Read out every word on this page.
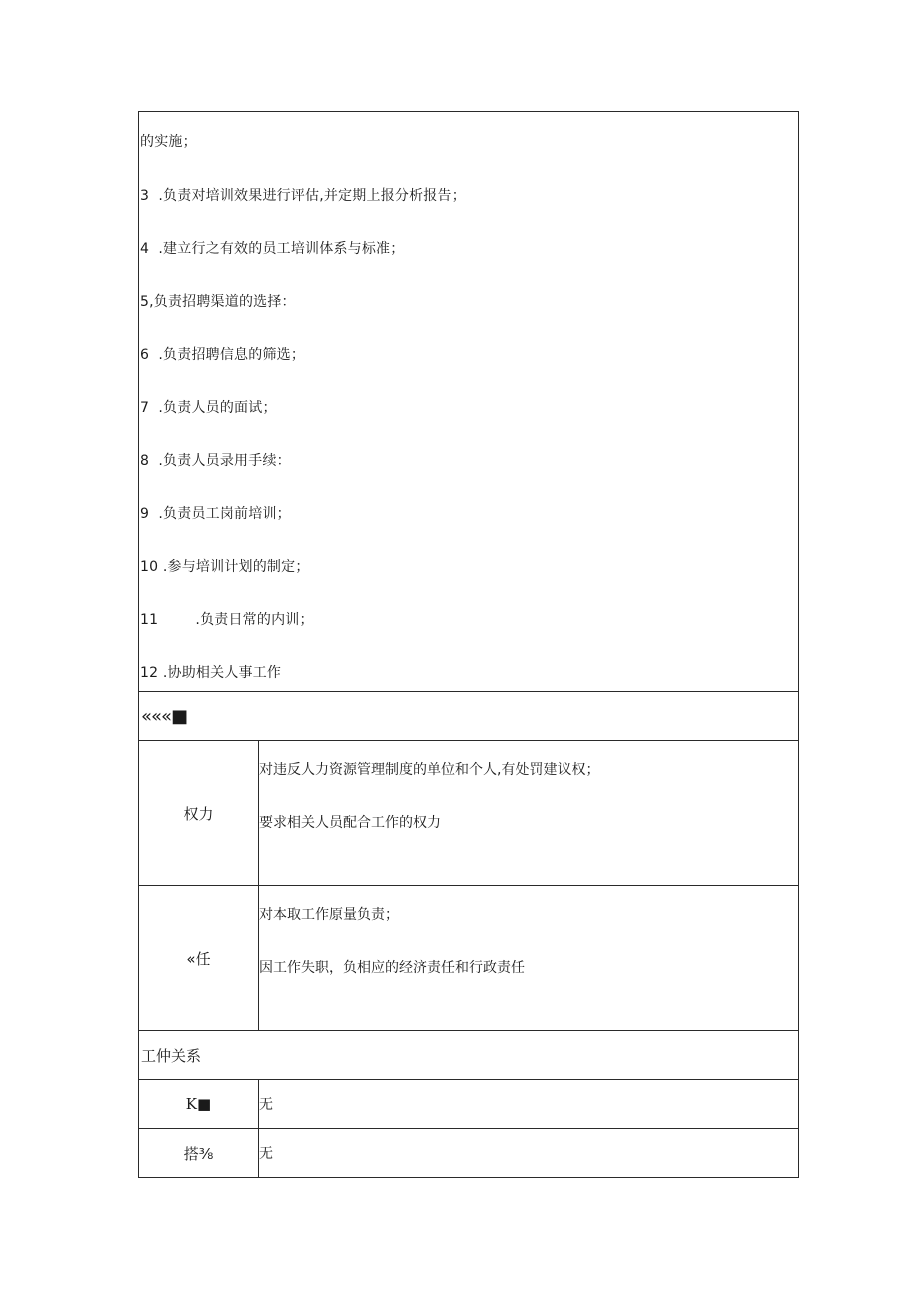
的实施；
3  .负责对培训效果进行评估,并定期上报分析报告；
4  .建立行之有效的员工培训体系与标准；
5,负责招聘渠道的选择：
6  .负责招聘信息的筛选；
7  .负责人员的面试；
8  .负责人员录用手续：
9  .负责员工岗前培训；
10 .参与培训计划的制定；
11        .负责日常的内训；
12 .协助相关人事工作
«««■
权力
对违反人力资源管理制度的单位和个人,有处罚建议权；
要求相关人员配合工作的权力
«任
对本取工作原量负责；
因工作失职，负相应的经济责任和行政责任
工仲关系
K■	无
搭⅜	无
